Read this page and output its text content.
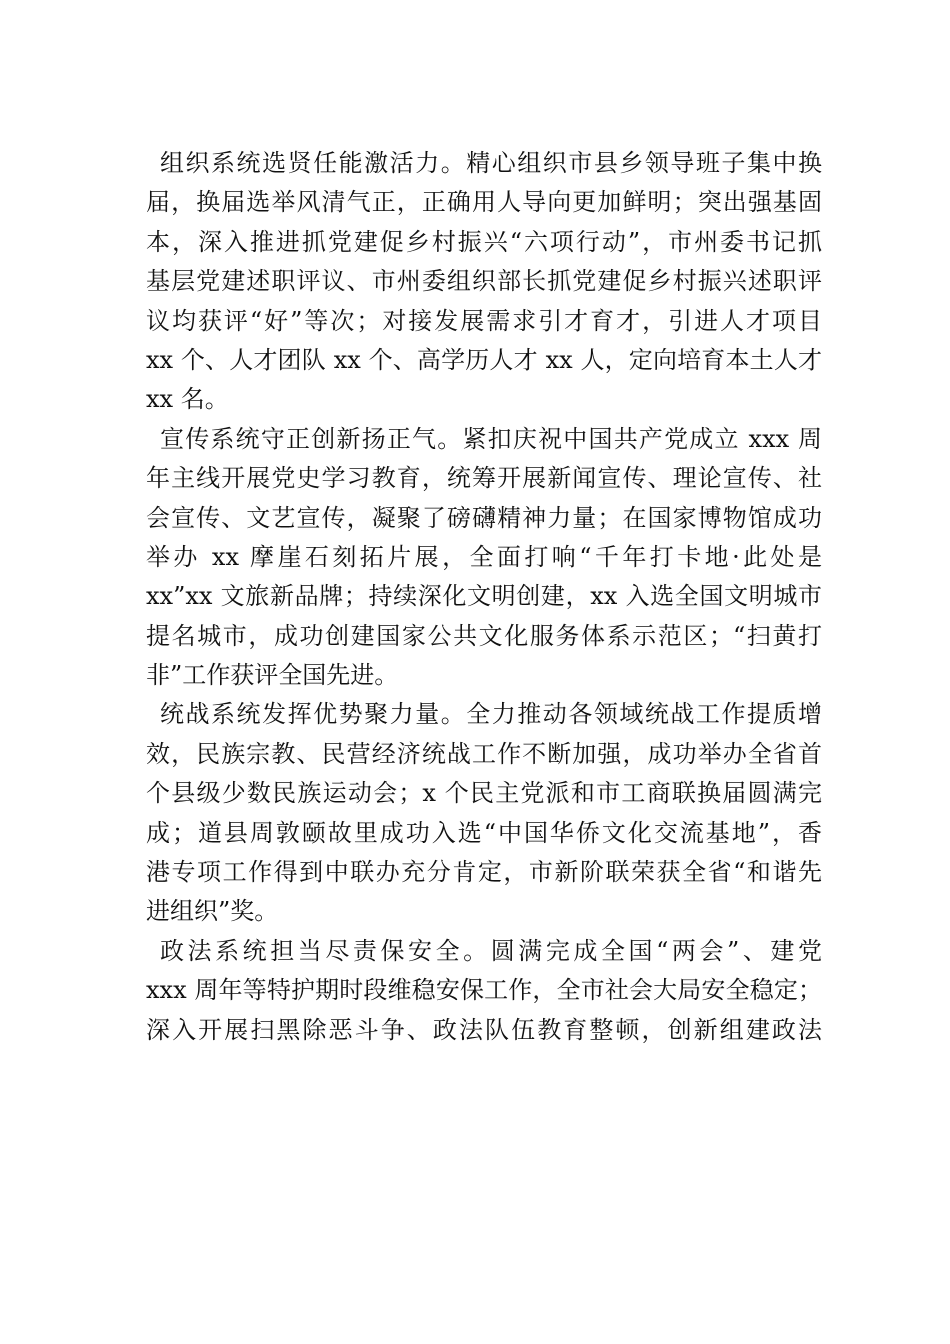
组织系统选贤任能激活力。精心组织市县乡领导班子集中换
届，换届选举风清气正，正确用人导向更加鲜明；突出强基固
本，深入推进抓党建促乡村振兴“六项行动”，市州委书记抓
基层党建述职评议、市州委组织部长抓党建促乡村振兴述职评
议均获评“好”等次；对接发展需求引才育才，引进人才项目
xx 个、人才团队 xx 个、高学历人才 xx 人，定向培育本土人才
xx 名。
宣传系统守正创新扬正气。紧扣庆祝中国共产党成立 xxx 周
年主线开展党史学习教育，统筹开展新闻宣传、理论宣传、社
会宣传、文艺宣传，凝聚了磅礴精神力量；在国家博物馆成功
举办 xx 摩崖石刻拓片展，全面打响“千年打卡地·此处是
xx”xx 文旅新品牌；持续深化文明创建，xx 入选全国文明城市
提名城市，成功创建国家公共文化服务体系示范区；“扫黄打
非”工作获评全国先进。
统战系统发挥优势聚力量。全力推动各领域统战工作提质增
效，民族宗教、民营经济统战工作不断加强，成功举办全省首
个县级少数民族运动会；x 个民主党派和市工商联换届圆满完
成；道县周敦颐故里成功入选“中国华侨文化交流基地”，香
港专项工作得到中联办充分肯定，市新阶联荣获全省“和谐先
进组织”奖。
政法系统担当尽责保安全。圆满完成全国“两会”、建党
xxx 周年等特护期时段维稳安保工作，全市社会大局安全稳定；
深入开展扫黑除恶斗争、政法队伍教育整顿，创新组建政法
